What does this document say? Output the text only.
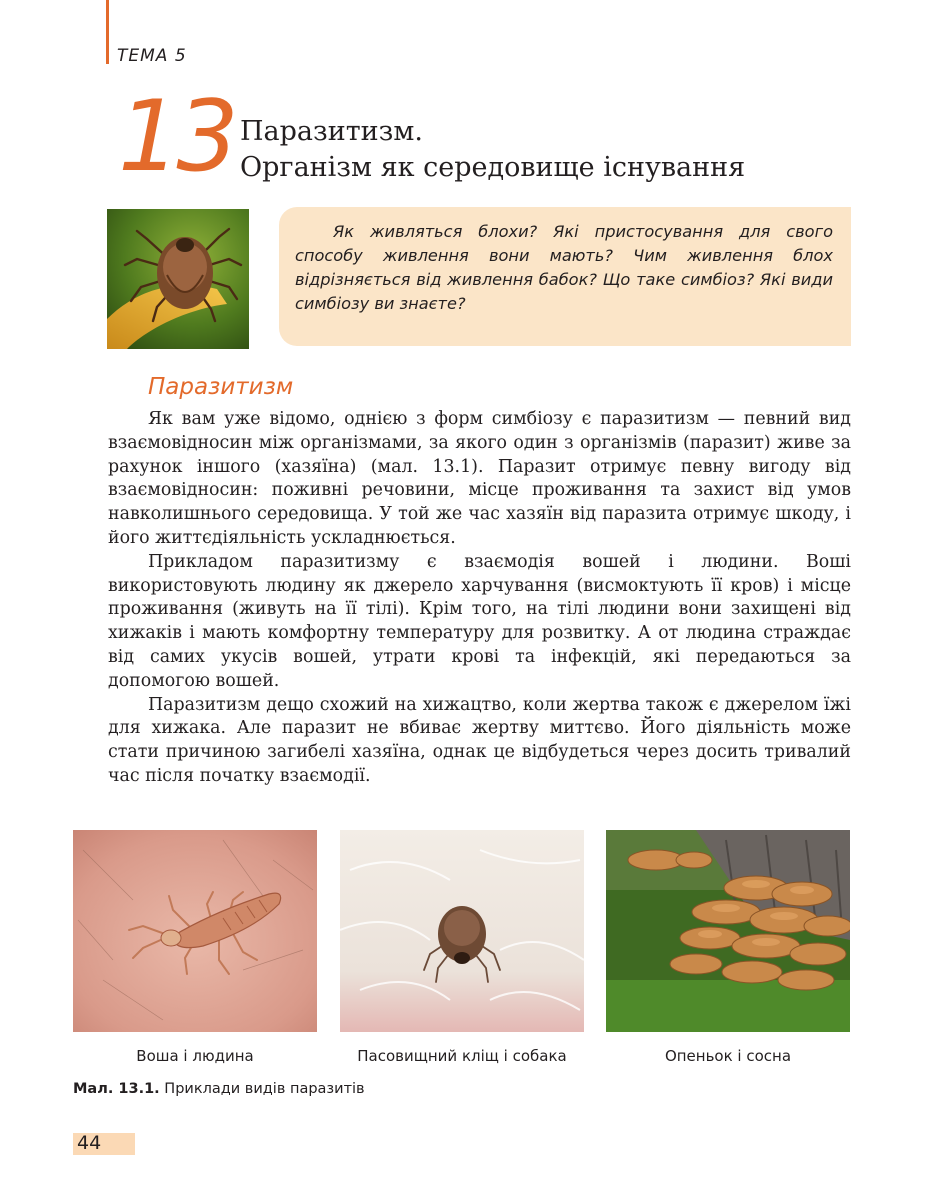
ТЕМА 5
13 Паразитизм.
Організм як середовище існування
Як живляться блохи? Які пристосування для свого способу живлення вони мають? Чим живлення блох відрізняється від живлення бабок? Що таке симбіоз? Які види симбіозу ви знаєте?
Паразитизм

Як вам уже відомо, однією з форм симбіозу є паразитизм — певний вид взаємовідносин між організмами, за якого один з організмів (паразит) живе за рахунок іншого (хазяїна) (мал. 13.1). Паразит отримує певну вигоду від взаємовідносин: поживні речовини, місце проживання та захист від умов навколишнього середовища. У той же час хазяїн від паразита отримує шкоду, і його життєдіяльність ускладнюється.

Прикладом паразитизму є взаємодія вошей і людини. Воші використовують людину як джерело харчування (висмоктують її кров) і місце проживання (живуть на її тілі). Крім того, на тілі людини вони захищені від хижаків і мають комфортну температуру для розвитку. А от людина страждає від самих укусів вошей, утрати крові та інфекцій, які передаються за допомогою вошей.

Паразитизм дещо схожий на хижацтво, коли жертва також є джерелом їжі для хижака. Але паразит не вбиває жертву миттєво. Його діяльність може стати причиною загибелі хазяїна, однак це відбудеться через досить тривалий час після початку взаємодії.

Воша і людина	Пасовищний кліщ і собака	Опеньок і сосна
Мал. 13.1. Приклади видів паразитів
44
